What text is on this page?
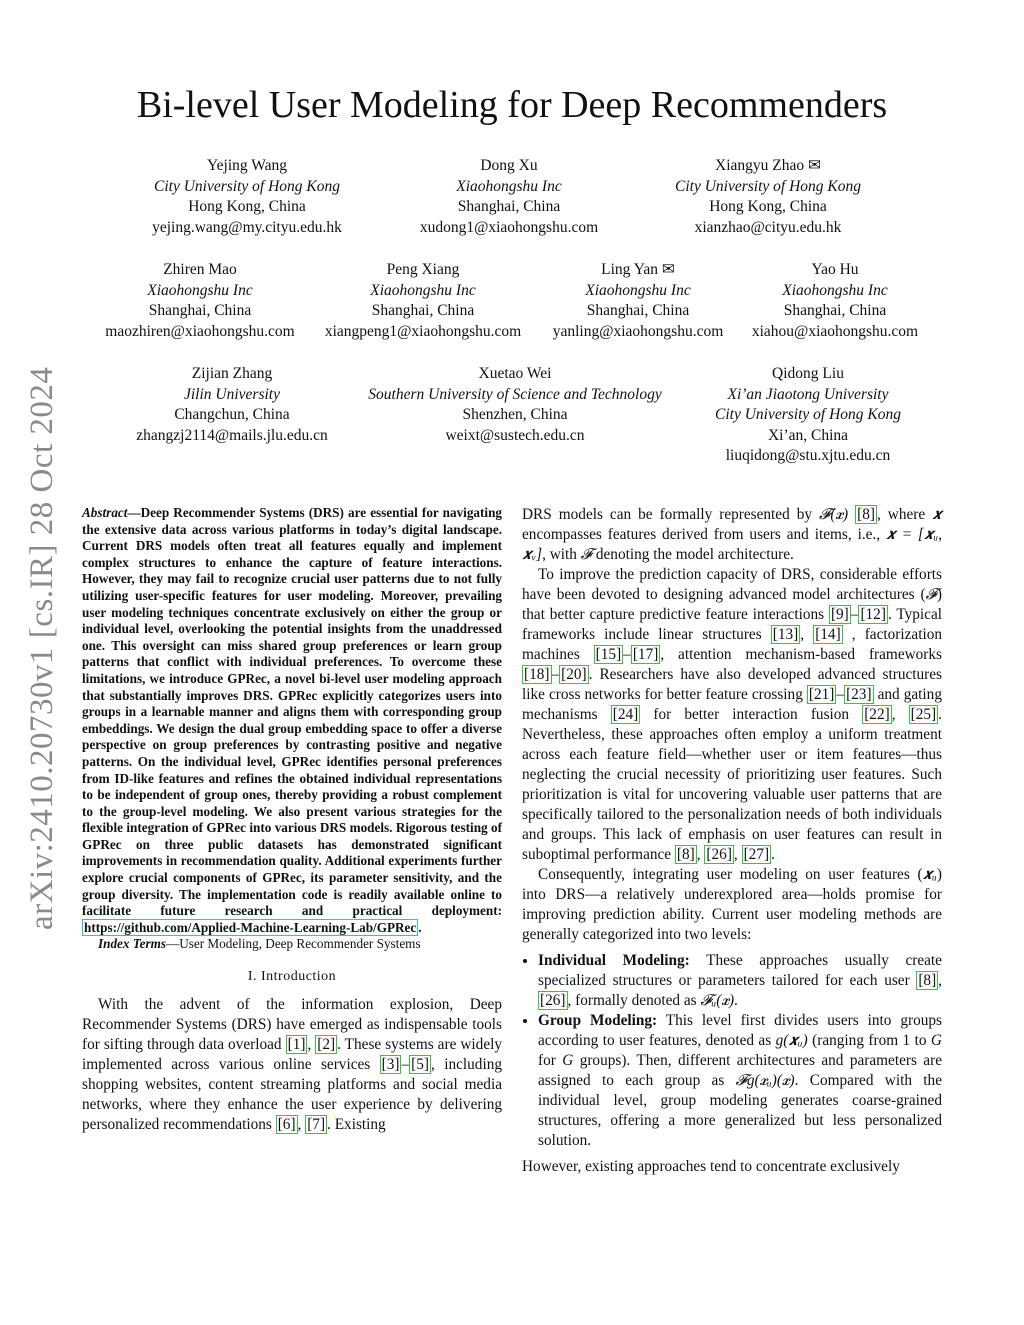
arXiv:2410.20730v1 [cs.IR] 28 Oct 2024
Bi-level User Modeling for Deep Recommenders
Yejing Wang
City University of Hong Kong
Hong Kong, China
yejing.wang@my.cityu.edu.hk
Dong Xu
Xiaohongshu Inc
Shanghai, China
xudong1@xiaohongshu.com
Xiangyu Zhao ✉
City University of Hong Kong
Hong Kong, China
xianzhao@cityu.edu.hk
Zhiren Mao
Xiaohongshu Inc
Shanghai, China
maozhiren@xiaohongshu.com
Peng Xiang
Xiaohongshu Inc
Shanghai, China
xiangpeng1@xiaohongshu.com
Ling Yan ✉
Xiaohongshu Inc
Shanghai, China
yanling@xiaohongshu.com
Yao Hu
Xiaohongshu Inc
Shanghai, China
xiahou@xiaohongshu.com
Zijian Zhang
Jilin University
Changchun, China
zhangzj2114@mails.jlu.edu.cn
Xuetao Wei
Southern University of Science and Technology
Shenzhen, China
weixt@sustech.edu.cn
Qidong Liu
Xi’an Jiaotong University
City University of Hong Kong
Xi’an, China
liuqidong@stu.xjtu.edu.cn
Abstract—Deep Recommender Systems (DRS) are essential for navigating the extensive data across various platforms in today’s digital landscape. Current DRS models often treat all features equally and implement complex structures to enhance the capture of feature interactions. However, they may fail to recognize crucial user patterns due to not fully utilizing user-specific features for user modeling. Moreover, prevailing user modeling techniques concentrate exclusively on either the group or individual level, overlooking the potential insights from the unaddressed one. This oversight can miss shared group preferences or learn group patterns that conflict with individual preferences. To overcome these limitations, we introduce GPRec, a novel bi-level user modeling approach that substantially improves DRS. GPRec explicitly categorizes users into groups in a learnable manner and aligns them with corresponding group embeddings. We design the dual group embedding space to offer a diverse perspective on group preferences by contrasting positive and negative patterns. On the individual level, GPRec identifies personal preferences from ID-like features and refines the obtained individual representations to be independent of group ones, thereby providing a robust complement to the group-level modeling. We also present various strategies for the flexible integration of GPRec into various DRS models. Rigorous testing of GPRec on three public datasets has demonstrated significant improvements in recommendation quality. Additional experiments further explore crucial components of GPRec, its parameter sensitivity, and the group diversity. The implementation code is readily available online to facilitate future research and practical deployment: https://github.com/Applied-Machine-Learning-Lab/GPRec .
Index Terms—User Modeling, Deep Recommender Systems
I. Introduction

With the advent of the information explosion, Deep Recommender Systems (DRS) have emerged as indispensable tools for sifting through data overload [1] , [2] . These systems are widely implemented across various online services [3] – [5] , including shopping websites, content streaming platforms and social media networks, where they enhance the user experience by delivering personalized recommendations [6] , [7] . Existing

DRS models can be formally represented by 𝓕(𝒙) [8] , where 𝒙 encompasses features derived from users and items, i.e., 𝒙 = [𝒙ᵤ, 𝒙ᵥ], with 𝓕 denoting the model architecture.

To improve the prediction capacity of DRS, considerable efforts have been devoted to designing advanced model architectures (𝓕) that better capture predictive feature interactions [9] – [12] . Typical frameworks include linear structures [13] , [14] , factorization machines [15] – [17] , attention mechanism-based frameworks [18] – [20] . Researchers have also developed advanced structures like cross networks for better feature crossing [21] – [23] and gating mechanisms [24] for better interaction fusion [22] , [25] . Nevertheless, these approaches often employ a uniform treatment across each feature field—whether user or item features—thus neglecting the crucial necessity of prioritizing user features. Such prioritization is vital for uncovering valuable user patterns that are specifically tailored to the personalization needs of both individuals and groups. This lack of emphasis on user features can result in suboptimal performance [8] , [26] , [27] .

Consequently, integrating user modeling on user features (𝒙ᵤ) into DRS—a relatively underexplored area—holds promise for improving prediction ability. Current user modeling methods are generally categorized into two levels:

• Individual Modeling: These approaches usually create specialized structures or parameters tailored for each user [8] , [26] , formally denoted as 𝓕ᵤ(𝒙).
• Group Modeling: This level first divides users into groups according to user features, denoted as g(𝒙ᵤ) (ranging from 1 to G for G groups). Then, different architectures and parameters are assigned to each group as 𝓕g(𝒙ᵤ)(𝒙). Compared with the individual level, group modeling generates coarse-grained structures, offering a more generalized but less personalized solution.

However, existing approaches tend to concentrate exclusively
